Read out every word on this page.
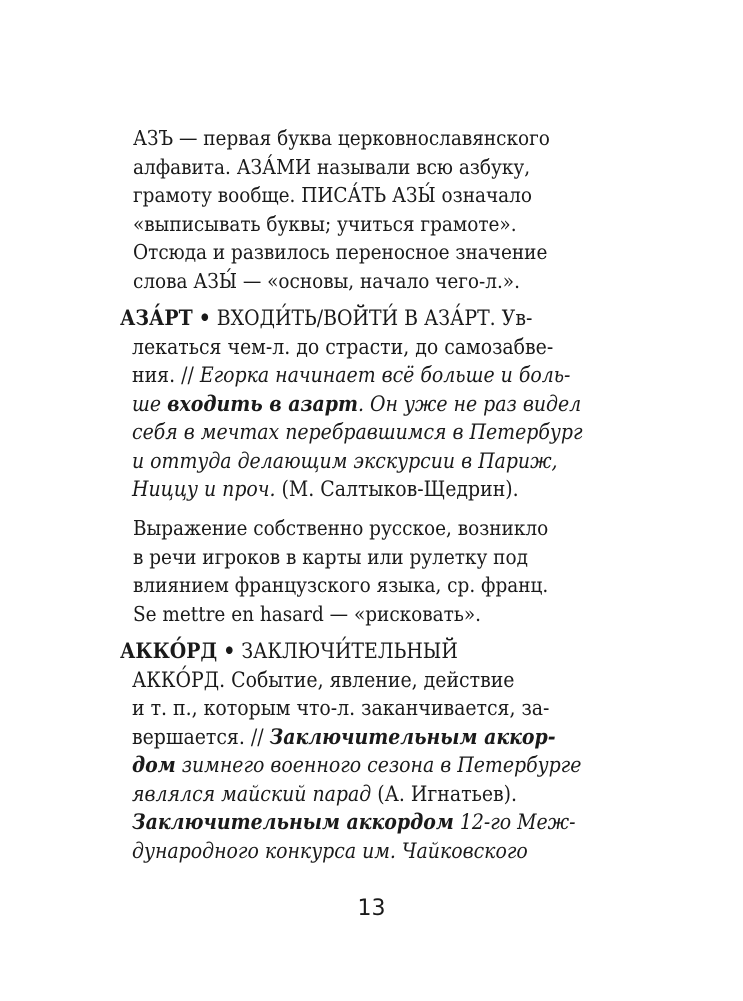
АЗЪ — первая буква церковнославянского
алфавита. АЗА́МИ называли всю азбуку,
грамоту вообще. ПИСА́ТЬ АЗЫ́ означало
«выписывать буквы; учиться грамоте».
Отсюда и развилось переносное значение
слова АЗЫ́ — «основы, начало чего-л.».
АЗА́РТ • ВХОДИ́ТЬ/ВОЙТИ́ В АЗА́РТ. Ув-
лекаться чем-л. до страсти, до самозабве-
ния. // Егорка начинает всё больше и боль-
ше входить в азарт. Он уже не раз видел
себя в мечтах перебравшимся в Петербург
и оттуда делающим экскурсии в Париж,
Ниццу и проч. (М. Салтыков-Щедрин).
Выражение собственно русское, возникло
в речи игроков в карты или рулетку под
влиянием французского языка, ср. франц.
Se mettre en hasard — «рисковать».
АККО́РД • ЗАКЛЮЧИ́ТЕЛЬНЫЙ
АККО́РД. Событие, явление, действие
и т. п., которым что-л. заканчивается, за-
вершается. // Заключительным аккор-
дом зимнего военного сезона в Петербурге
являлся майский парад (А. Игнатьев).
Заключительным аккордом 12-го Меж-
дународного конкурса им. Чайковского
13
